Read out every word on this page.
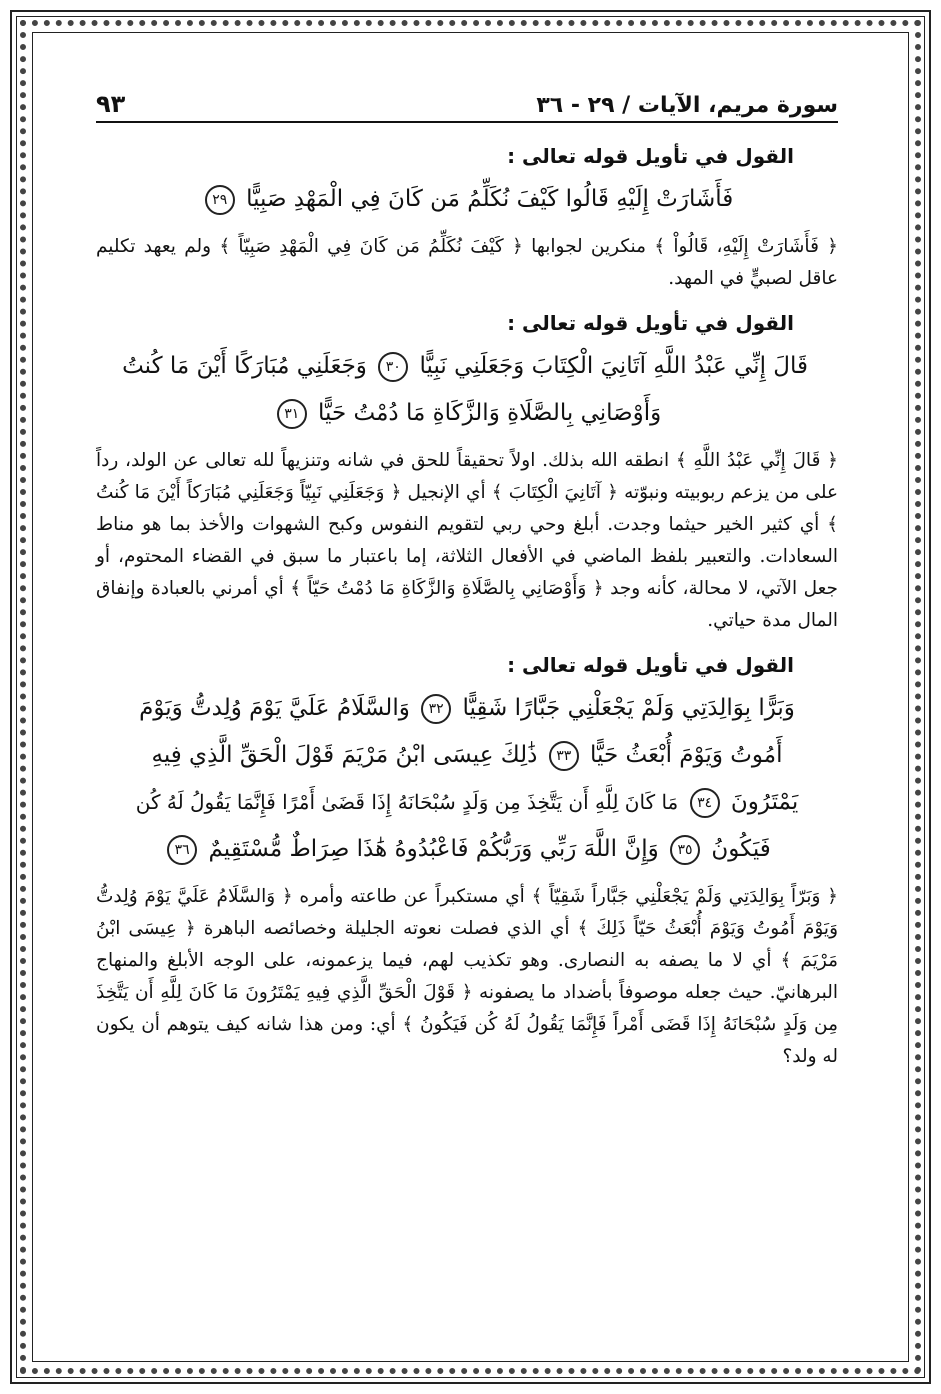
سورة مريم، الآيات / ٢٩ - ٣٦
٩٣
القول في تأويل قوله تعالى :
فَأَشَارَتْ إِلَيْهِ قَالُوا كَيْفَ نُكَلِّمُ مَن كَانَ فِي الْمَهْدِ صَبِيًّا ٢٩

﴿ فَأَشَارَتْ إِلَيْهِ، قَالُواْ ﴾ منكرين لجوابها ﴿ كَيْفَ نُكَلِّمُ مَن كَانَ فِي الْمَهْدِ صَبِيّاً ﴾ ولم يعهد تكليم عاقل لصبيٍّ في المهد.

القول في تأويل قوله تعالى :
قَالَ إِنِّي عَبْدُ اللَّهِ آتَانِيَ الْكِتَابَ وَجَعَلَنِي نَبِيًّا ٣٠ وَجَعَلَنِي مُبَارَكًا أَيْنَ مَا كُنتُ
وَأَوْصَانِي بِالصَّلَاةِ وَالزَّكَاةِ مَا دُمْتُ حَيًّا ٣١

﴿ قَالَ إِنِّي عَبْدُ اللَّهِ ﴾ انطقه الله بذلك. اولاً تحقيقاً للحق في شانه وتنزيهاً لله تعالى عن الولد، رداً على من يزعم ربوبيته ونبوّته ﴿ آتَانِيَ الْكِتَابَ ﴾ أي الإنجيل ﴿ وَجَعَلَنِي نَبِيّاً وَجَعَلَنِي مُبَارَكاً أَيْنَ مَا كُنتُ ﴾ أي كثير الخير حيثما وجدت. أبلغ وحي ربي لتقويم النفوس وكبح الشهوات والأخذ بما هو مناط السعادات. والتعبير بلفظ الماضي في الأفعال الثلاثة، إما باعتبار ما سبق في القضاء المحتوم، أو جعل الآتي، لا محالة، كأنه وجد ﴿ وَأَوْصَانِي بِالصَّلَاةِ وَالزَّكَاةِ مَا دُمْتُ حَيّاً ﴾ أي أمرني بالعبادة وإنفاق المال مدة حياتي.

القول في تأويل قوله تعالى :
وَبَرًّا بِوَالِدَتِي وَلَمْ يَجْعَلْنِي جَبَّارًا شَقِيًّا ٣٢ وَالسَّلَامُ عَلَيَّ يَوْمَ وُلِدتُّ وَيَوْمَ
أَمُوتُ وَيَوْمَ أُبْعَثُ حَيًّا ٣٣ ذَٰلِكَ عِيسَى ابْنُ مَرْيَمَ قَوْلَ الْحَقِّ الَّذِي فِيهِ
يَمْتَرُونَ ٣٤ مَا كَانَ لِلَّهِ أَن يَتَّخِذَ مِن وَلَدٍ سُبْحَانَهُ إِذَا قَضَىٰ أَمْرًا فَإِنَّمَا يَقُولُ لَهُ كُن
فَيَكُونُ ٣٥ وَإِنَّ اللَّهَ رَبِّي وَرَبُّكُمْ فَاعْبُدُوهُ هَٰذَا صِرَاطٌ مُّسْتَقِيمٌ ٣٦

﴿ وَبَرّاً بِوَالِدَتِي وَلَمْ يَجْعَلْنِي جَبَّاراً شَقِيّاً ﴾ أي مستكبراً عن طاعته وأمره ﴿ وَالسَّلَامُ عَلَيَّ يَوْمَ وُلِدتُّ وَيَوْمَ أَمُوتُ وَيَوْمَ أُبْعَثُ حَيّاً ذَلِكَ ﴾ أي الذي فصلت نعوته الجليلة وخصائصه الباهرة ﴿ عِيسَى ابْنُ مَرْيَمَ ﴾ أي لا ما يصفه به النصارى. وهو تكذيب لهم، فيما يزعمونه، على الوجه الأبلغ والمنهاج البرهانيّ. حيث جعله موصوفاً بأضداد ما يصفونه ﴿ قَوْلَ الْحَقِّ الَّذِي فِيهِ يَمْتَرُونَ مَا كَانَ لِلَّهِ أَن يَتَّخِذَ مِن وَلَدٍ سُبْحَانَهُ إِذَا قَضَى أَمْراً فَإِنَّمَا يَقُولُ لَهُ كُن فَيَكُونُ ﴾ أي: ومن هذا شانه كيف يتوهم أن يكون له ولد؟
